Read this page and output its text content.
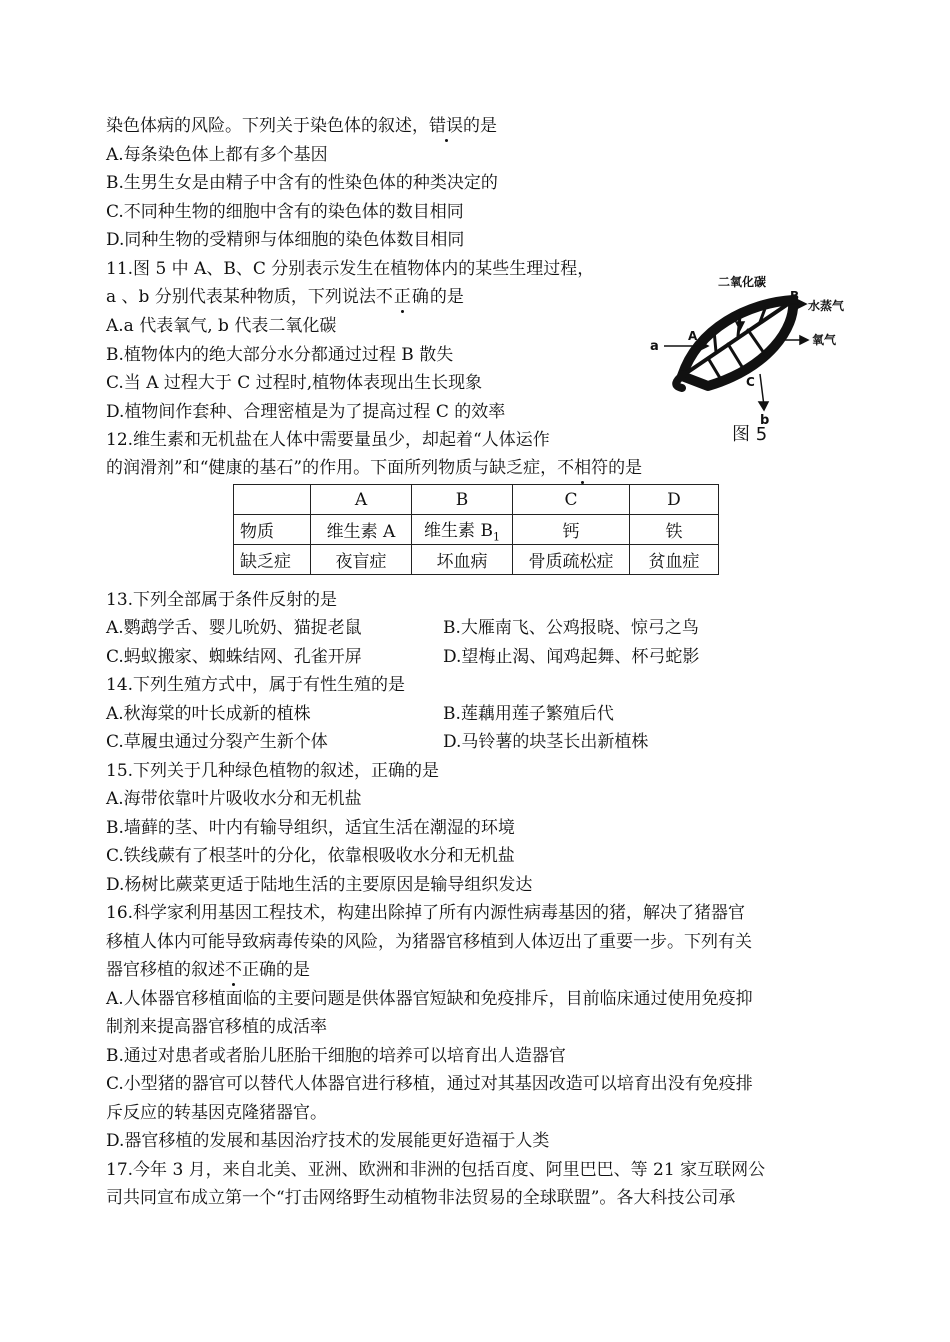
染色体病的风险。下列关于染色体的叙述，错误的是
A.每条染色体上都有多个基因
B.生男生女是由精子中含有的性染色体的种类决定的
C.不同种生物的细胞中含有的染色体的数目相同
D.同种生物的受精卵与体细胞的染色体数目相同
11.图 5 中 A、B、C 分别表示发生在植物体内的某些生理过程，
a 、b 分别代表某种物质，下列说法不正确的是
A.a 代表氧气, b 代表二氧化碳
B.植物体内的绝大部分水分都通过过程 B 散失
C.当 A 过程大于 C 过程时,植物体表现出生长现象
D.植物间作套种、合理密植是为了提高过程 C 的效率
12.维生素和无机盐在人体中需要量虽少，却起着“人体运作
的润滑剂”和“健康的基石”的作用。下面所列物质与缺乏症，不相符的是
二氧化碳
B
水蒸气
氧气
A
a
C
b
图 5
	A	B	C	D
物质	维生素 A	维生素 $B_1$	钙	铁
缺乏症	夜盲症	坏血病	骨质疏松症	贫血症
13.下列全部属于条件反射的是
A.鹦鹉学舌、婴儿吮奶、猫捉老鼠	B.大雁南飞、公鸡报晓、惊弓之鸟
C.蚂蚁搬家、蜘蛛结网、孔雀开屏	D.望梅止渴、闻鸡起舞、杯弓蛇影
14.下列生殖方式中，属于有性生殖的是
A.秋海棠的叶长成新的植株	B.莲藕用莲子繁殖后代
C.草履虫通过分裂产生新个体	D.马铃薯的块茎长出新植株
15.下列关于几种绿色植物的叙述，正确的是
A.海带依靠叶片吸收水分和无机盐
B.墙藓的茎、叶内有输导组织，适宜生活在潮湿的环境
C.铁线蕨有了根茎叶的分化，依靠根吸收水分和无机盐
D.杨树比蕨菜更适于陆地生活的主要原因是输导组织发达
16.科学家利用基因工程技术，构建出除掉了所有内源性病毒基因的猪，解决了猪器官
移植人体内可能导致病毒传染的风险，为猪器官移植到人体迈出了重要一步。下列有关
器官移植的叙述不正确的是
A.人体器官移植面临的主要问题是供体器官短缺和免疫排斥，目前临床通过使用免疫抑
制剂来提高器官移植的成活率
B.通过对患者或者胎儿胚胎干细胞的培养可以培育出人造器官
C.小型猪的器官可以替代人体器官进行移植，通过对其基因改造可以培育出没有免疫排
斥反应的转基因克隆猪器官。
D.器官移植的发展和基因治疗技术的发展能更好造福于人类
17.今年 3 月，来自北美、亚洲、欧洲和非洲的包括百度、阿里巴巴、等 21 家互联网公
司共同宣布成立第一个“打击网络野生动植物非法贸易的全球联盟”。各大科技公司承
